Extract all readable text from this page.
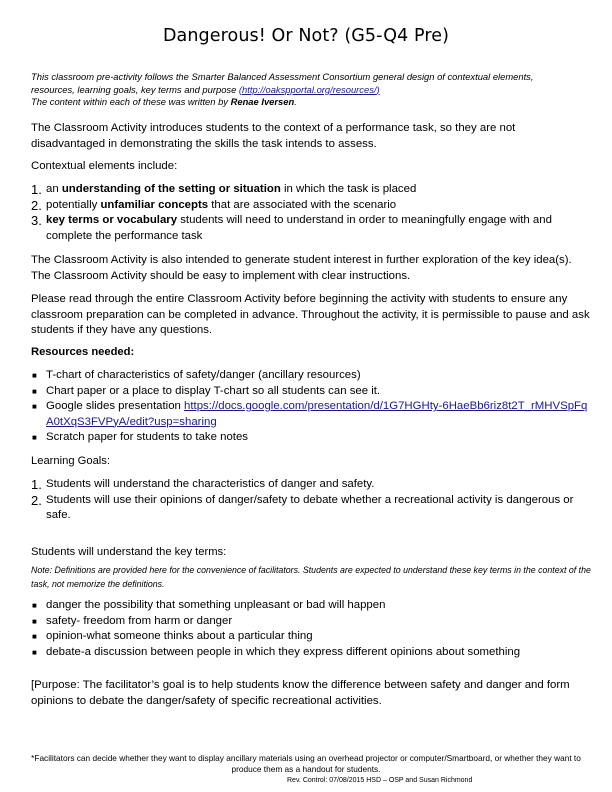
Dangerous! Or Not? (G5-Q4 Pre)
This classroom pre-activity follows the Smarter Balanced Assessment Consortium general design of contextual elements,
resources, learning goals, key terms and purpose (http://oakspportal.org/resources/)
The content within each of these was written by Renae Iversen.
The Classroom Activity introduces students to the context of a performance task, so they are not disadvantaged in demonstrating the skills the task intends to assess.
Contextual elements include:
1. an understanding of the setting or situation in which the task is placed
2. potentially unfamiliar concepts that are associated with the scenario
3. key terms or vocabulary students will need to understand in order to meaningfully engage with and complete the performance task
The Classroom Activity is also intended to generate student interest in further exploration of the key idea(s). The Classroom Activity should be easy to implement with clear instructions.
Please read through the entire Classroom Activity before beginning the activity with students to ensure any classroom preparation can be completed in advance. Throughout the activity, it is permissible to pause and ask students if they have any questions.
Resources needed:
■ T-chart of characteristics of safety/danger (ancillary resources)
■ Chart paper or a place to display T-chart so all students can see it.
■ Google slides presentation https://docs.google.com/presentation/d/1G7HGHty-6HaeBb6riz8t2T_rMHVSpFqA0tXqS3FVPyA/edit?usp=sharing
■ Scratch paper for students to take notes
Learning Goals:
1. Students will understand the characteristics of danger and safety.
2. Students will use their opinions of danger/safety to debate whether a recreational activity is dangerous or safe.
Students will understand the key terms:
Note: Definitions are provided here for the convenience of facilitators. Students are expected to understand these key terms in the context of the task, not memorize the definitions.
■ danger the possibility that something unpleasant or bad will happen
■ safety- freedom from harm or danger
■ opinion-what someone thinks about a particular thing
■ debate-a discussion between people in which they express different opinions about something
[Purpose: The facilitator’s goal is to help students know the difference between safety and danger and form opinions to debate the danger/safety of specific recreational activities.
*Facilitators can decide whether they want to display ancillary materials using an overhead projector or computer/Smartboard, or whether they want to produce them as a handout for students.
Rev. Control: 07/08/2015 HSD – OSP and Susan Richmond
